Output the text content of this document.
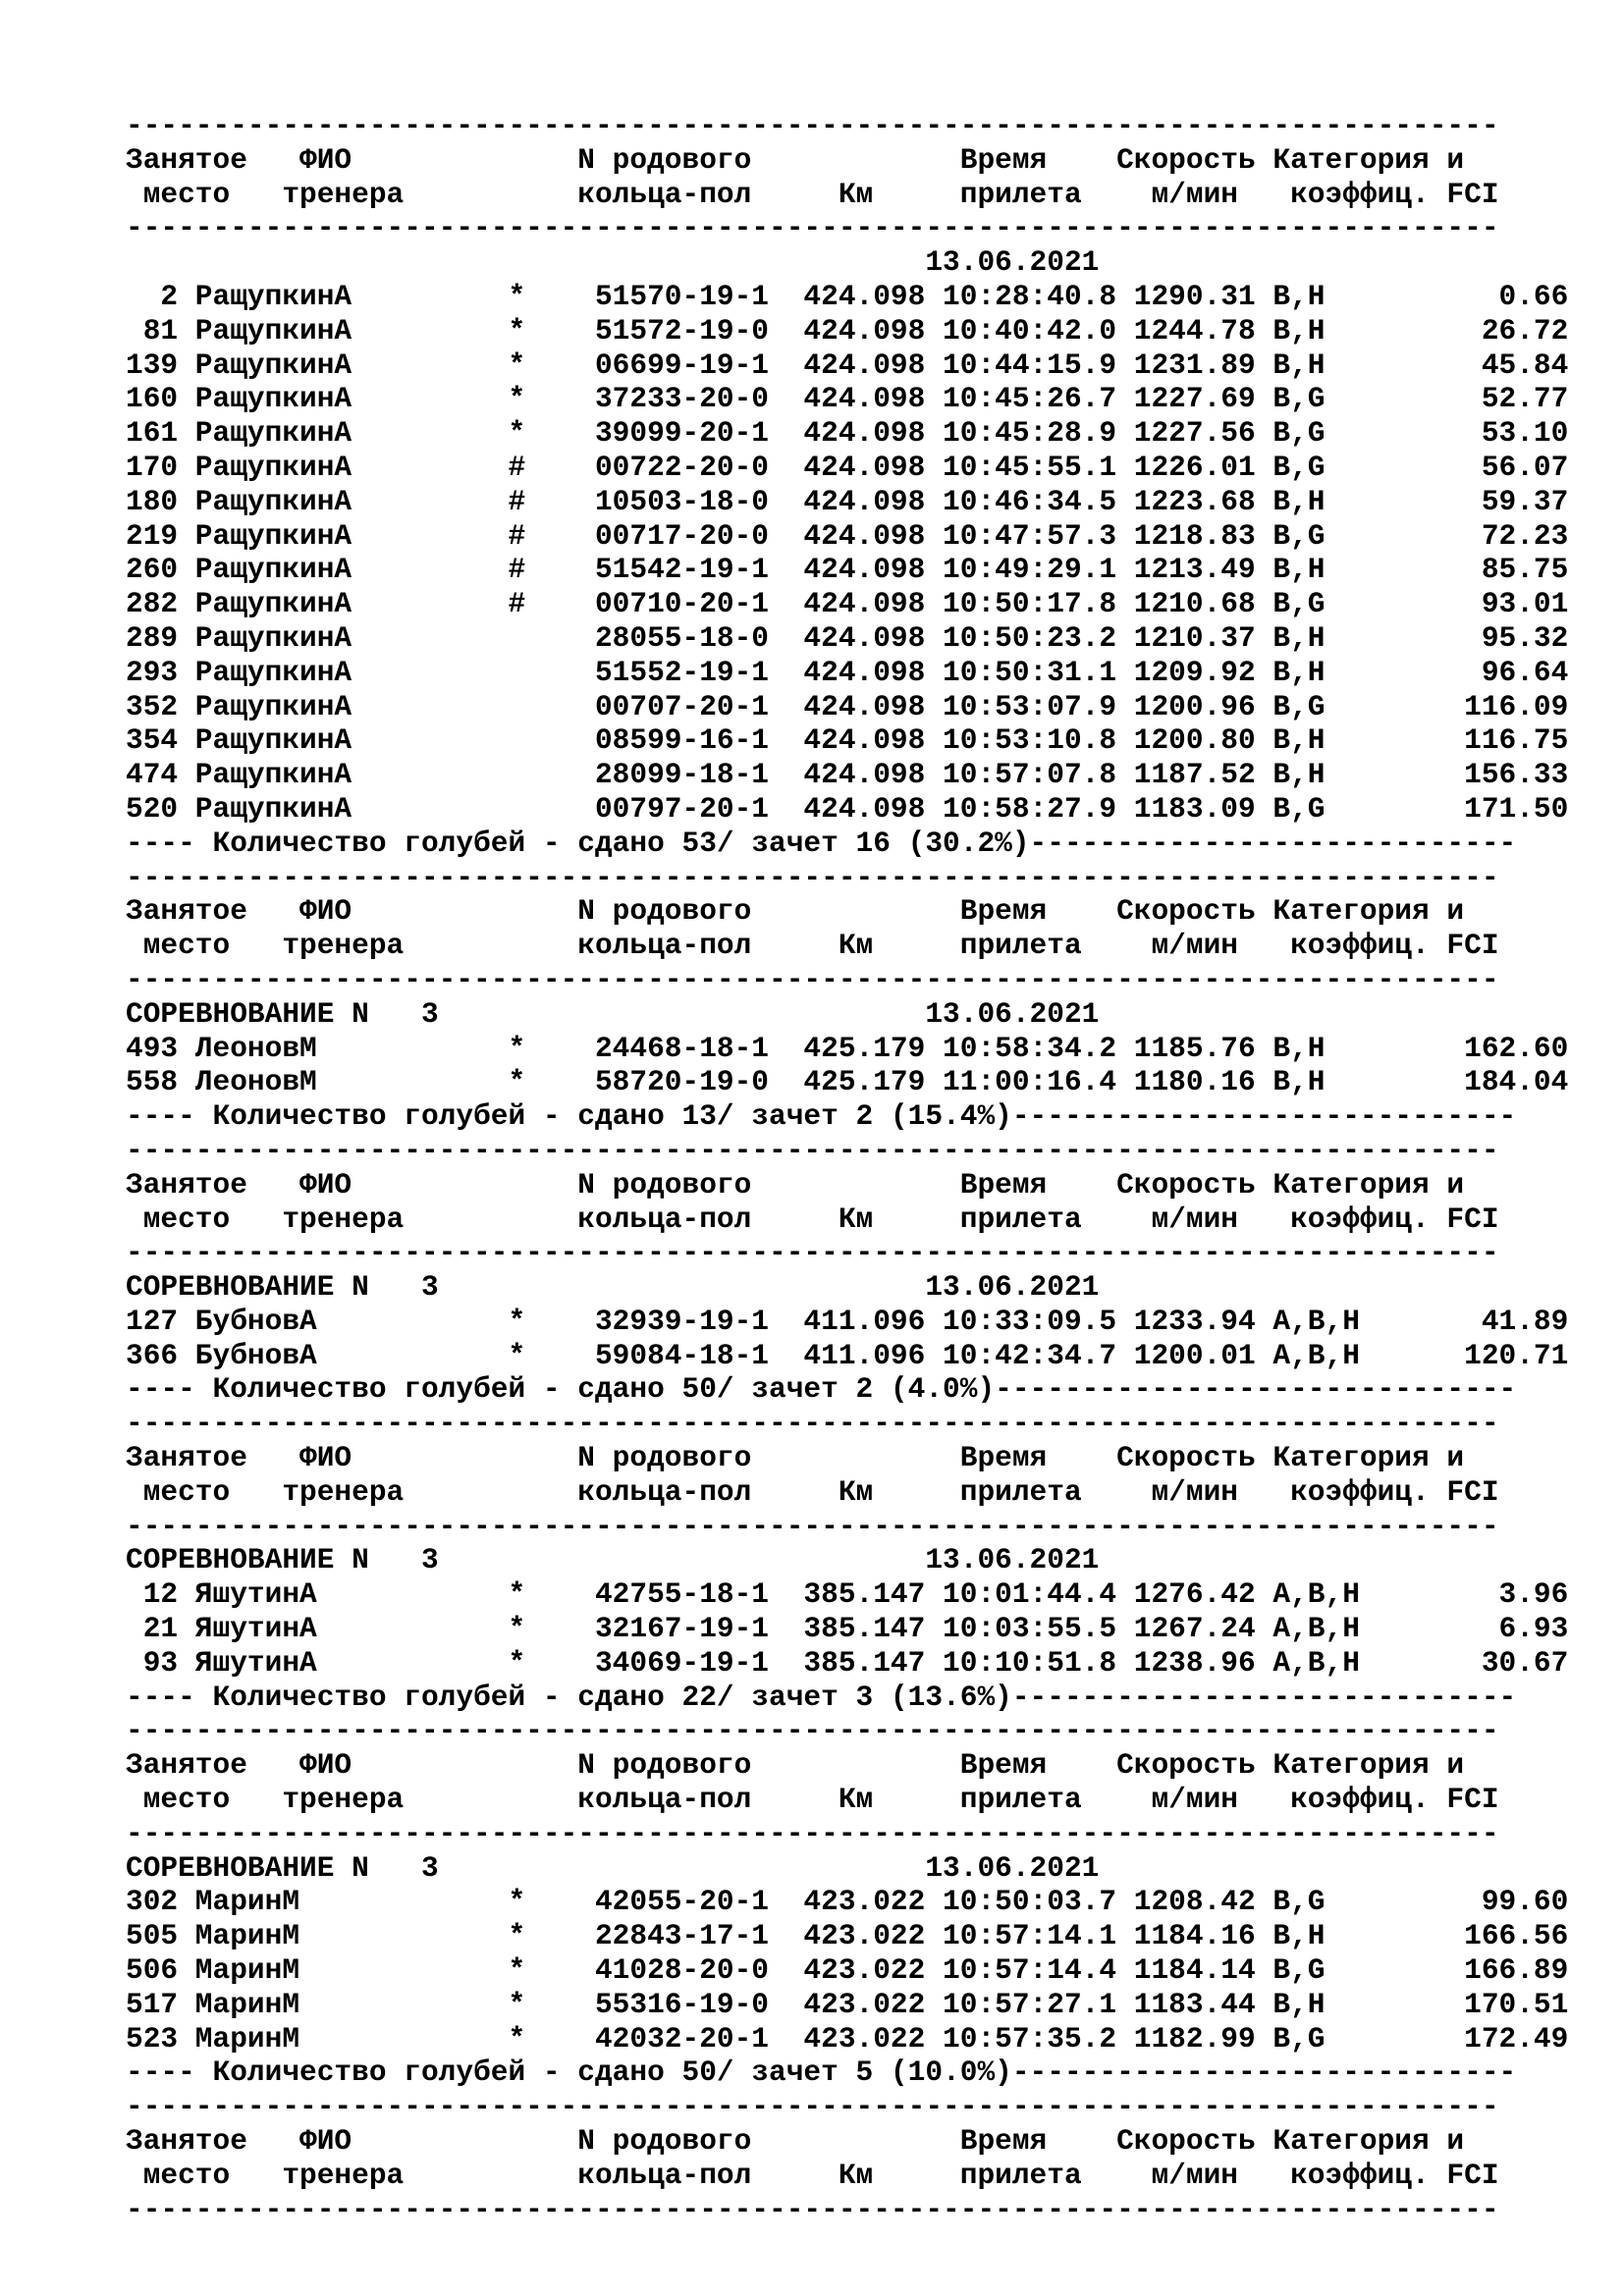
-------------------------------------------------------------------------------
Занятое   ФИО             N родового            Время    Скорость Категория и
место   тренера          кольца-пол     Км     прилета    м/мин   коэффиц. FCI
-------------------------------------------------------------------------------
13.06.2021
2 РащупкинА         *    51570-19-1  424.098 10:28:40.8 1290.31 B,H          0.66
81 РащупкинА         *    51572-19-0  424.098 10:40:42.0 1244.78 B,H         26.72
139 РащупкинА         *    06699-19-1  424.098 10:44:15.9 1231.89 B,H         45.84
160 РащупкинА         *    37233-20-0  424.098 10:45:26.7 1227.69 B,G         52.77
161 РащупкинА         *    39099-20-1  424.098 10:45:28.9 1227.56 B,G         53.10
170 РащупкинА         #    00722-20-0  424.098 10:45:55.1 1226.01 B,G         56.07
180 РащупкинА         #    10503-18-0  424.098 10:46:34.5 1223.68 B,H         59.37
219 РащупкинА         #    00717-20-0  424.098 10:47:57.3 1218.83 B,G         72.23
260 РащупкинА         #    51542-19-1  424.098 10:49:29.1 1213.49 B,H         85.75
282 РащупкинА         #    00710-20-1  424.098 10:50:17.8 1210.68 B,G         93.01
289 РащупкинА              28055-18-0  424.098 10:50:23.2 1210.37 B,H         95.32
293 РащупкинА              51552-19-1  424.098 10:50:31.1 1209.92 B,H         96.64
352 РащупкинА              00707-20-1  424.098 10:53:07.9 1200.96 B,G        116.09
354 РащупкинА              08599-16-1  424.098 10:53:10.8 1200.80 B,H        116.75
474 РащупкинА              28099-18-1  424.098 10:57:07.8 1187.52 B,H        156.33
520 РащупкинА              00797-20-1  424.098 10:58:27.9 1183.09 B,G        171.50
---- Количество голубей - сдано 53/ зачет 16 (30.2%)----------------------------
-------------------------------------------------------------------------------
Занятое   ФИО             N родового            Время    Скорость Категория и
место   тренера          кольца-пол     Км     прилета    м/мин   коэффиц. FCI
-------------------------------------------------------------------------------
СОРЕВНОВАНИЕ N   3                            13.06.2021
493 ЛеоновМ           *    24468-18-1  425.179 10:58:34.2 1185.76 B,H        162.60
558 ЛеоновМ           *    58720-19-0  425.179 11:00:16.4 1180.16 B,H        184.04
---- Количество голубей - сдано 13/ зачет 2 (15.4%)-----------------------------
-------------------------------------------------------------------------------
Занятое   ФИО             N родового            Время    Скорость Категория и
место   тренера          кольца-пол     Км     прилета    м/мин   коэффиц. FCI
-------------------------------------------------------------------------------
СОРЕВНОВАНИЕ N   3                            13.06.2021
127 БубновА           *    32939-19-1  411.096 10:33:09.5 1233.94 A,B,H       41.89
366 БубновА           *    59084-18-1  411.096 10:42:34.7 1200.01 A,B,H      120.71
---- Количество голубей - сдано 50/ зачет 2 (4.0%)------------------------------
-------------------------------------------------------------------------------
Занятое   ФИО             N родового            Время    Скорость Категория и
место   тренера          кольца-пол     Км     прилета    м/мин   коэффиц. FCI
-------------------------------------------------------------------------------
СОРЕВНОВАНИЕ N   3                            13.06.2021
12 ЯшутинА           *    42755-18-1  385.147 10:01:44.4 1276.42 A,B,H        3.96
21 ЯшутинА           *    32167-19-1  385.147 10:03:55.5 1267.24 A,B,H        6.93
93 ЯшутинА           *    34069-19-1  385.147 10:10:51.8 1238.96 A,B,H       30.67
---- Количество голубей - сдано 22/ зачет 3 (13.6%)-----------------------------
-------------------------------------------------------------------------------
Занятое   ФИО             N родового            Время    Скорость Категория и
место   тренера          кольца-пол     Км     прилета    м/мин   коэффиц. FCI
-------------------------------------------------------------------------------
СОРЕВНОВАНИЕ N   3                            13.06.2021
302 МаринМ            *    42055-20-1  423.022 10:50:03.7 1208.42 B,G         99.60
505 МаринМ            *    22843-17-1  423.022 10:57:14.1 1184.16 B,H        166.56
506 МаринМ            *    41028-20-0  423.022 10:57:14.4 1184.14 B,G        166.89
517 МаринМ            *    55316-19-0  423.022 10:57:27.1 1183.44 B,H        170.51
523 МаринМ            *    42032-20-1  423.022 10:57:35.2 1182.99 B,G        172.49
---- Количество голубей - сдано 50/ зачет 5 (10.0%)-----------------------------
-------------------------------------------------------------------------------
Занятое   ФИО             N родового            Время    Скорость Категория и
место   тренера          кольца-пол     Км     прилета    м/мин   коэффиц. FCI
-------------------------------------------------------------------------------
